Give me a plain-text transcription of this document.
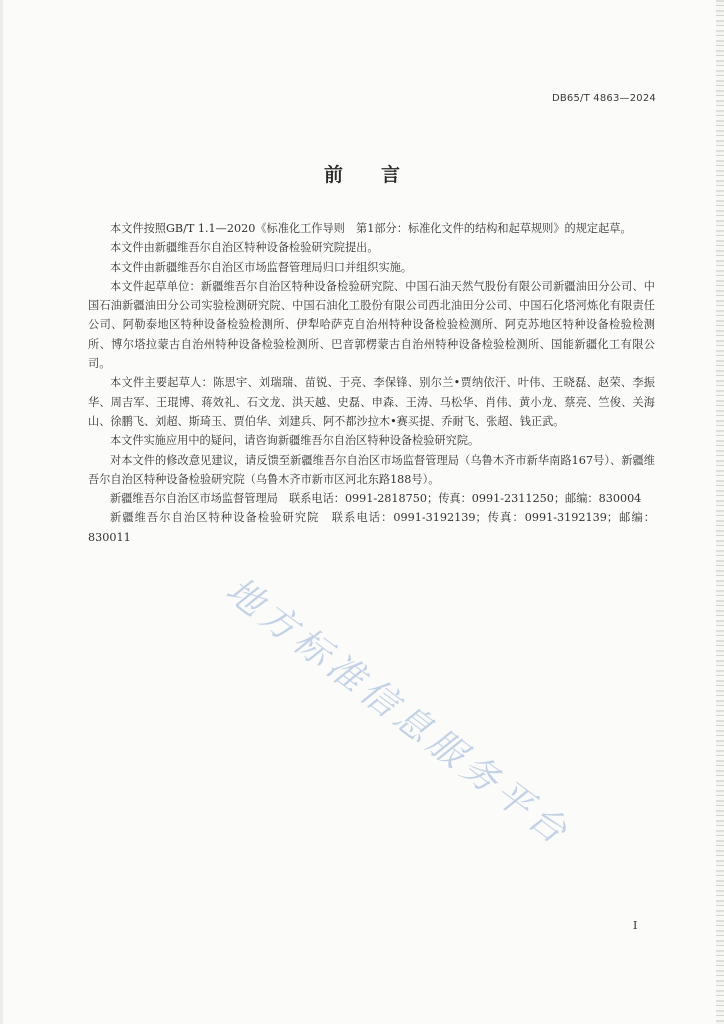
DB65/T 4863—2024
前言

本文件按照GB/T 1.1—2020《标准化工作导则　第1部分：标准化文件的结构和起草规则》的规定起草。

本文件由新疆维吾尔自治区特种设备检验研究院提出。

本文件由新疆维吾尔自治区市场监督管理局归口并组织实施。

本文件起草单位：新疆维吾尔自治区特种设备检验研究院、中国石油天然气股份有限公司新疆油田分公司、中国石油新疆油田分公司实验检测研究院、中国石油化工股份有限公司西北油田分公司、中国石化塔河炼化有限责任公司、阿勒泰地区特种设备检验检测所、伊犁哈萨克自治州特种设备检验检测所、阿克苏地区特种设备检验检测所、博尔塔拉蒙古自治州特种设备检验检测所、巴音郭楞蒙古自治州特种设备检验检测所、国能新疆化工有限公司。

本文件主要起草人：陈思宇、刘瑞瑞、苗锐、于亮、李保锋、别尔兰•贾纳依汗、叶伟、王晓磊、赵荣、李振华、周吉军、王琨博、蒋效礼、石文龙、洪天越、史磊、申森、王涛、马松华、肖伟、黄小龙、蔡亮、竺俊、关海山、徐鹏飞、刘超、斯琦玉、贾伯华、刘建兵、阿不都沙拉木•赛买提、乔耐飞、张超、钱正武。

本文件实施应用中的疑问，请咨询新疆维吾尔自治区特种设备检验研究院。

对本文件的修改意见建议，请反馈至新疆维吾尔自治区市场监督管理局（乌鲁木齐市新华南路167号）、新疆维吾尔自治区特种设备检验研究院（乌鲁木齐市新市区河北东路188号）。

新疆维吾尔自治区市场监督管理局　联系电话：0991-2818750；传真：0991-2311250；邮编：830004

新疆维吾尔自治区特种设备检验研究院　联系电话：0991-3192139；传真：0991-3192139；邮编：830011

地方标准信息服务平台
I
